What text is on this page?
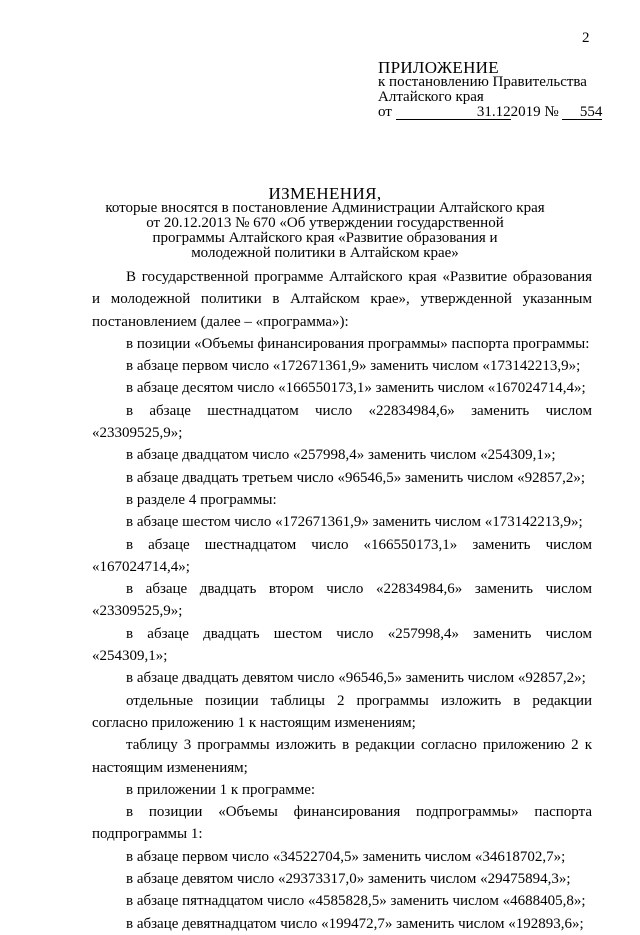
2
ПРИЛОЖЕНИЕ
к постановлению Правительства
Алтайского края
от	31.122019 № 554
ИЗМЕНЕНИЯ,
которые вносятся в постановление Администрации Алтайского края
от 20.12.2013 № 670 «Об утверждении государственной
программы Алтайского края «Развитие образования и
молодежной политики в Алтайском крае»

В государственной программе Алтайского края «Развитие образования и молодежной политики в Алтайском крае», утвержденной указанным постановлением (далее – «программа»):

в позиции «Объемы финансирования программы» паспорта программы:

в абзаце первом число «172671361,9» заменить числом «173142213,9»;

в абзаце десятом число «166550173,1» заменить числом «167024714,4»;

в абзаце шестнадцатом число «22834984,6» заменить числом «23309525,9»;

в абзаце двадцатом число «257998,4» заменить числом «254309,1»;

в абзаце двадцать третьем число «96546,5» заменить числом «92857,2»;

в разделе 4 программы:

в абзаце шестом число «172671361,9» заменить числом «173142213,9»;

в абзаце шестнадцатом число «166550173,1» заменить числом «167024714,4»;

в абзаце двадцать втором число «22834984,6» заменить числом «23309525,9»;

в абзаце двадцать шестом число «257998,4» заменить числом «254309,1»;

в абзаце двадцать девятом число «96546,5» заменить числом «92857,2»;

отдельные позиции таблицы 2 программы изложить в редакции согласно приложению 1 к настоящим изменениям;

таблицу 3 программы изложить в редакции согласно приложению 2 к настоящим изменениям;

в приложении 1 к программе:

в позиции «Объемы финансирования подпрограммы» паспорта подпрограммы 1:

в абзаце первом число «34522704,5» заменить числом «34618702,7»;

в абзаце девятом число «29373317,0» заменить числом «29475894,3»;

в абзаце пятнадцатом число «4585828,5» заменить числом «4688405,8»;

в абзаце девятнадцатом число «199472,7» заменить числом «192893,6»;
